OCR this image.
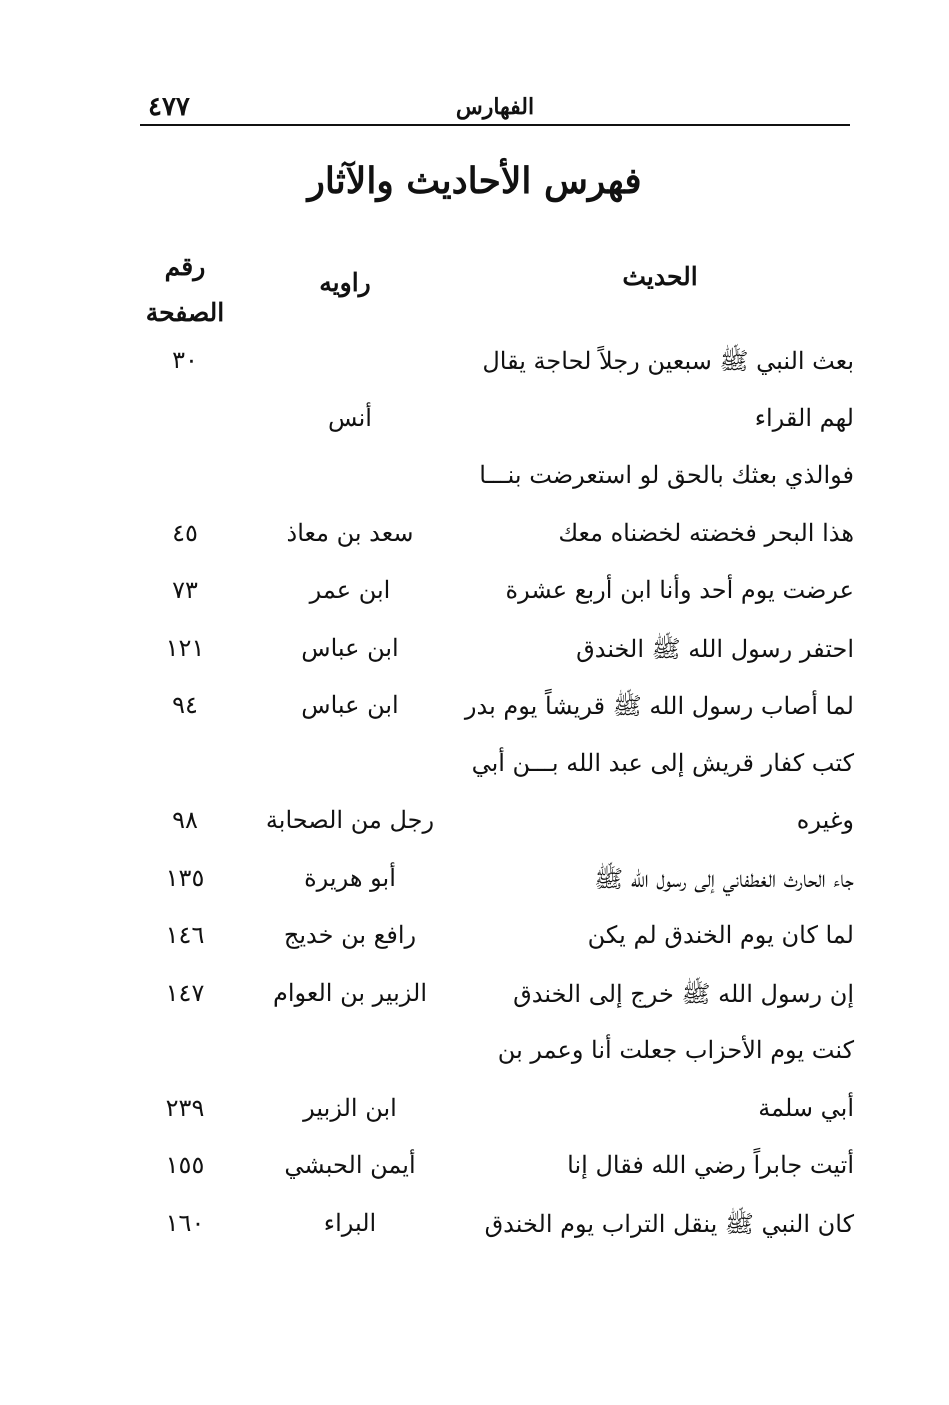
٤٧٧	الفهارس
فهرس الأحاديث والآثار
الحديث
راويه
رقم
الصفحة
بعث النبي ﷺ سبعين رجلاً لحاجة يقال
٣٠
لهم القراء
أنس
فوالذي بعثك بالحق لو استعرضت بنـــا
هذا البحر فخضته لخضناه معك
سعد بن معاذ
٤٥
عرضت يوم أحد وأنا ابن أربع عشرة
ابن عمر
٧٣
احتفر رسول الله ﷺ الخندق
ابن عباس
١٢١
لما أصاب رسول الله ﷺ قريشاً يوم بدر
ابن عباس
٩٤
كتب كفار قريش إلى عبد الله بـــن أبي
وغيره
رجل من الصحابة
٩٨
جاء الحارث الغطفاني إلى رسول الله ﷺ
أبو هريرة
١٣٥
لما كان يوم الخندق لم يكن
رافع بن خديج
١٤٦
إن رسول الله ﷺ خرج إلى الخندق
الزبير بن العوام
١٤٧
كنت يوم الأحزاب جعلت أنا وعمر بن
أبي سلمة
ابن الزبير
٢٣٩
أتيت جابراً رضي الله فقال إنا
أيمن الحبشي
١٥٥
كان النبي ﷺ ينقل التراب يوم الخندق
البراء
١٦٠
